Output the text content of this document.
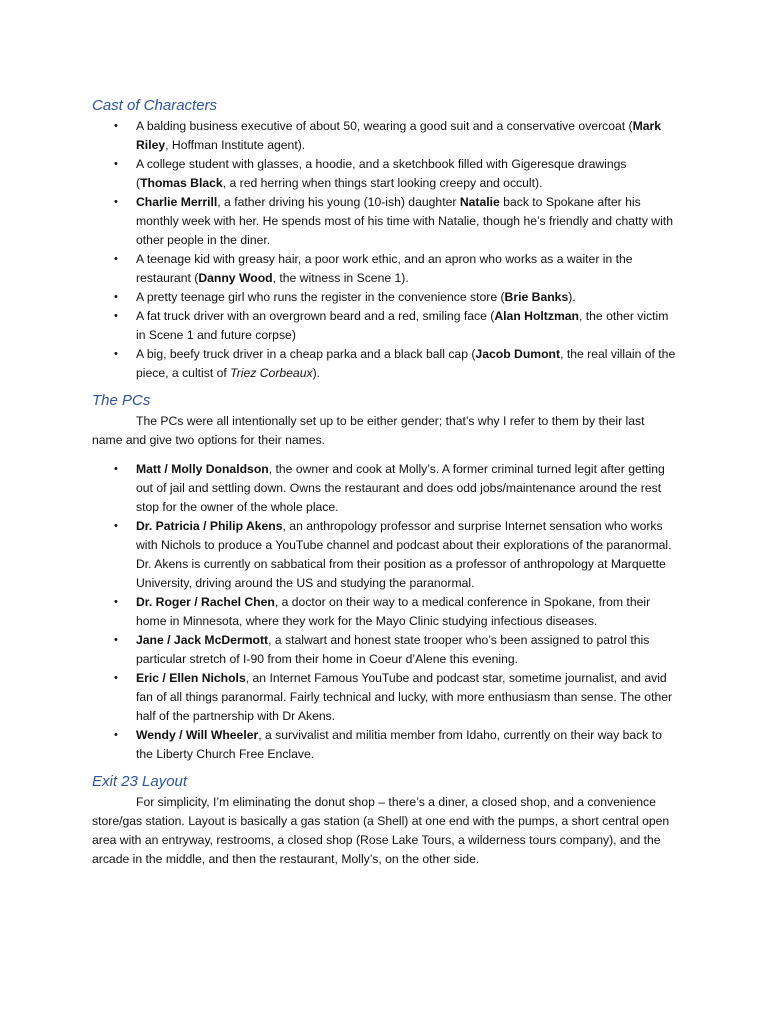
Cast of Characters
• A balding business executive of about 50, wearing a good suit and a conservative overcoat (Mark Riley, Hoffman Institute agent).
• A college student with glasses, a hoodie, and a sketchbook filled with Gigeresque drawings (Thomas Black, a red herring when things start looking creepy and occult).
• Charlie Merrill, a father driving his young (10-ish) daughter Natalie back to Spokane after his monthly week with her. He spends most of his time with Natalie, though he’s friendly and chatty with other people in the diner.
• A teenage kid with greasy hair, a poor work ethic, and an apron who works as a waiter in the restaurant (Danny Wood, the witness in Scene 1).
• A pretty teenage girl who runs the register in the convenience store (Brie Banks).
• A fat truck driver with an overgrown beard and a red, smiling face (Alan Holtzman, the other victim in Scene 1 and future corpse)
• A big, beefy truck driver in a cheap parka and a black ball cap (Jacob Dumont, the real villain of the piece, a cultist of Triez Corbeaux).
The PCs

The PCs were all intentionally set up to be either gender; that’s why I refer to them by their last name and give two options for their names.

• Matt / Molly Donaldson, the owner and cook at Molly’s. A former criminal turned legit after getting out of jail and settling down. Owns the restaurant and does odd jobs/maintenance around the rest stop for the owner of the whole place.
• Dr. Patricia / Philip Akens, an anthropology professor and surprise Internet sensation who works with Nichols to produce a YouTube channel and podcast about their explorations of the paranormal. Dr. Akens is currently on sabbatical from their position as a professor of anthropology at Marquette University, driving around the US and studying the paranormal.
• Dr. Roger / Rachel Chen, a doctor on their way to a medical conference in Spokane, from their home in Minnesota, where they work for the Mayo Clinic studying infectious diseases.
• Jane / Jack McDermott, a stalwart and honest state trooper who’s been assigned to patrol this particular stretch of I-90 from their home in Coeur d’Alene this evening.
• Eric / Ellen Nichols, an Internet Famous YouTube and podcast star, sometime journalist, and avid fan of all things paranormal. Fairly technical and lucky, with more enthusiasm than sense. The other half of the partnership with Dr Akens.
• Wendy / Will Wheeler, a survivalist and militia member from Idaho, currently on their way back to the Liberty Church Free Enclave.
Exit 23 Layout

For simplicity, I’m eliminating the donut shop – there’s a diner, a closed shop, and a convenience store/gas station. Layout is basically a gas station (a Shell) at one end with the pumps, a short central open area with an entryway, restrooms, a closed shop (Rose Lake Tours, a wilderness tours company), and the arcade in the middle, and then the restaurant, Molly’s, on the other side.
